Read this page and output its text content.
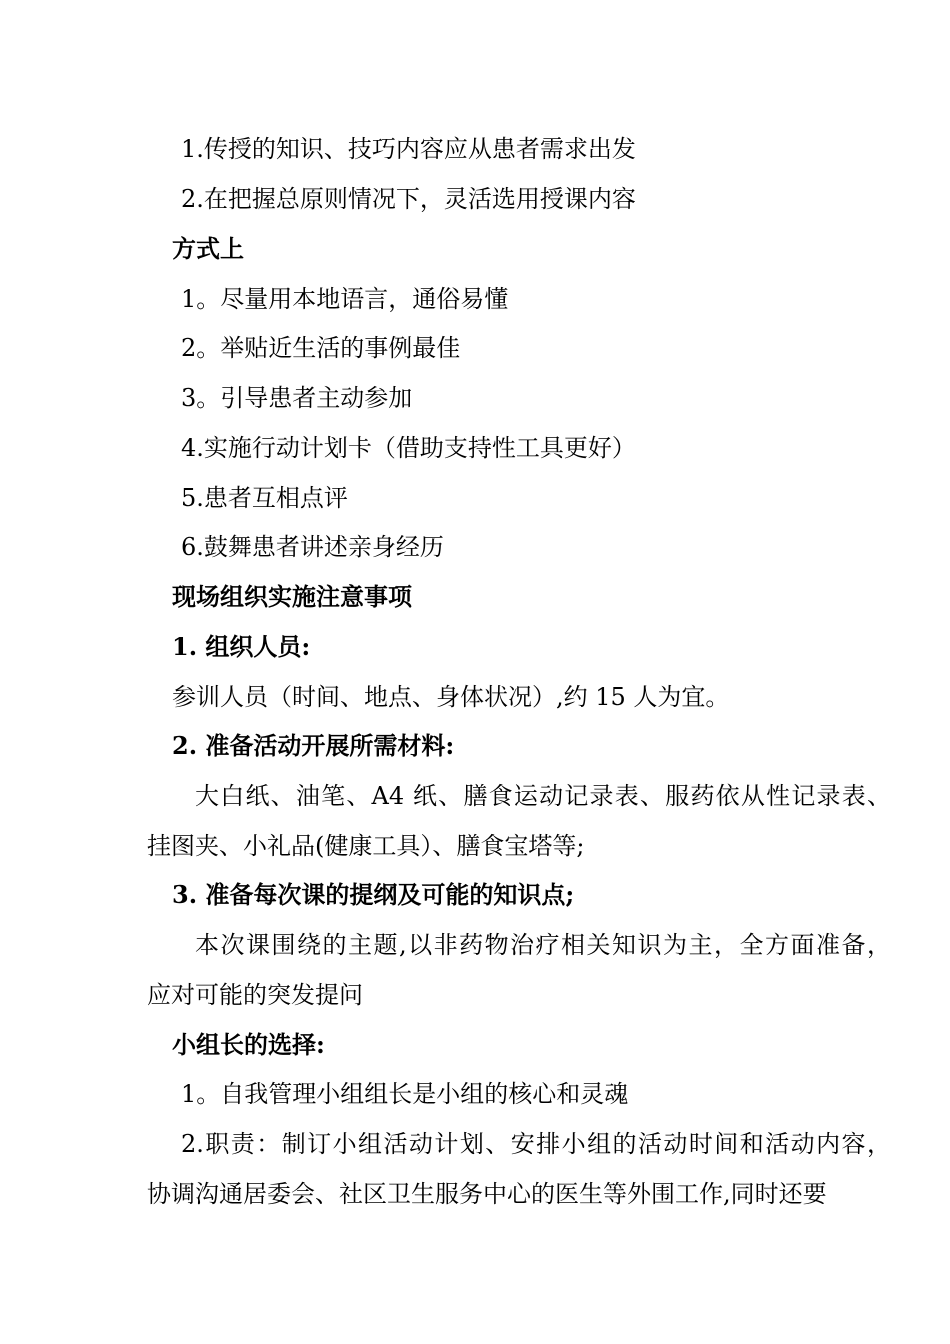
1.传授的知识、技巧内容应从患者需求出发
2.在把握总原则情况下，灵活选用授课内容
方式上
1。尽量用本地语言，通俗易懂
2。举贴近生活的事例最佳
3。引导患者主动参加
4.实施行动计划卡（借助支持性工具更好）
5.患者互相点评
6.鼓舞患者讲述亲身经历
现场组织实施注意事项
1. 组织人员:
参训人员（时间、地点、身体状况）,约 15 人为宜。
2. 准备活动开展所需材料:
大白纸、油笔、A4 纸、膳食运动记录表、服药依从性记录表、
挂图夹、小礼品(健康工具）、膳食宝塔等;
3. 准备每次课的提纲及可能的知识点;
本次课围绕的主题,以非药物治疗相关知识为主，全方面准备，
应对可能的突发提问
小组长的选择:
1。自我管理小组组长是小组的核心和灵魂
2.职责：制订小组活动计划、安排小组的活动时间和活动内容，
协调沟通居委会、社区卫生服务中心的医生等外围工作,同时还要
